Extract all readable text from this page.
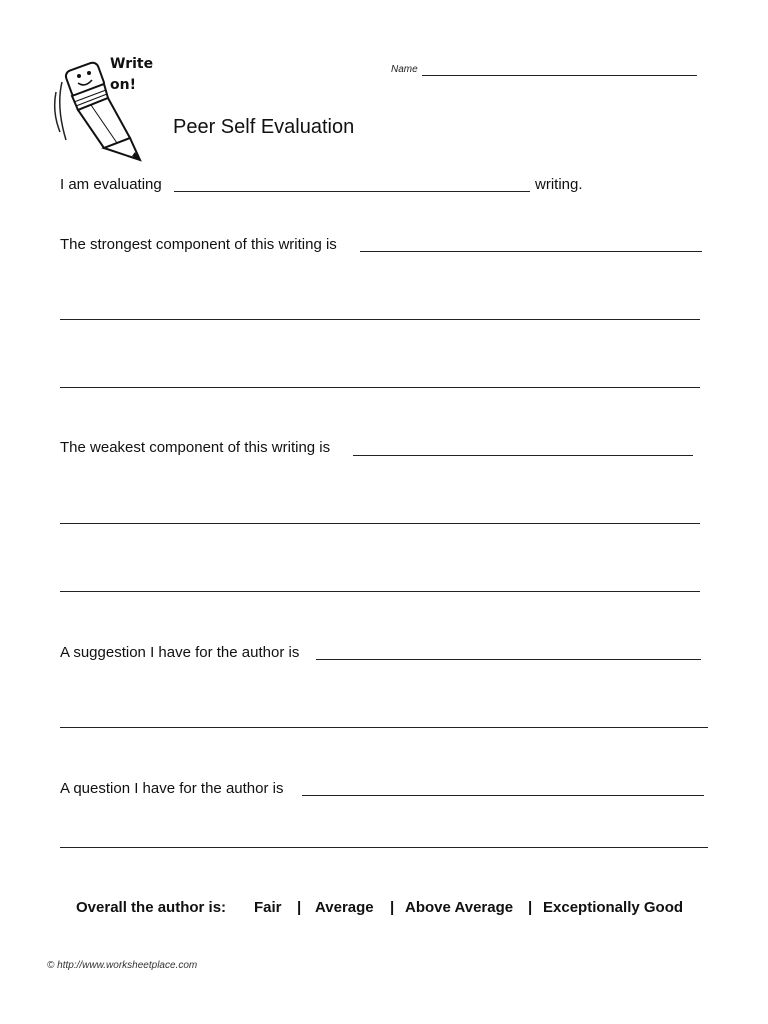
Write
on!
Name
Peer Self Evaluation
I am evaluating	writing.
The strongest component of this writing is
The weakest component of this writing is
A suggestion I have for the author is
A question I have for the author is
Overall the author is: Fair | Average | Above Average | Exceptionally Good
© http://www.worksheetplace.com
